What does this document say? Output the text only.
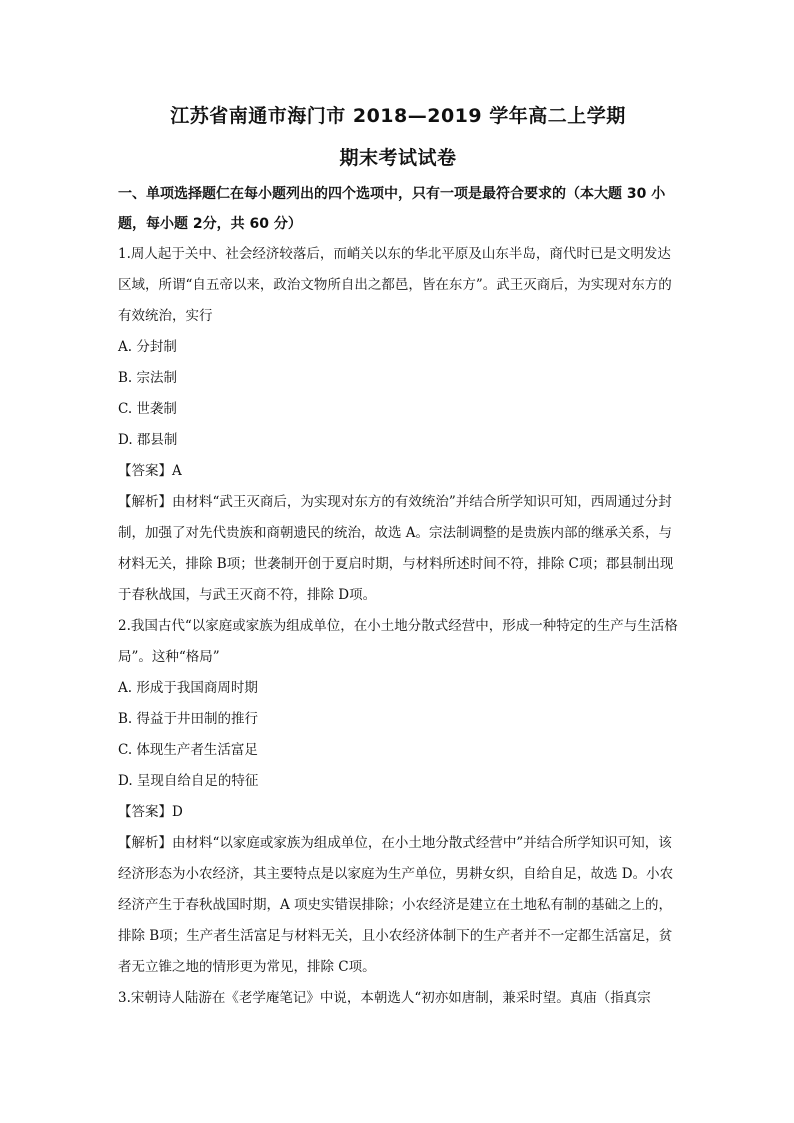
江苏省南通市海门市 2018—2019 学年高二上学期
期末考试试卷
一、单项选择题仁在每小题列出的四个选项中，只有一项是最符合要求的（本大题 30 小题，每小题 2分，共 60 分）
1.周人起于关中、社会经济较落后，而峭关以东的华北平原及山东半岛，商代时已是文明发达区域，所谓“自五帝以来，政治文物所自出之都邑，皆在东方”。武王灭商后，为实现对东方的有效统治，实行
A. 分封制
B. 宗法制
C. 世袭制
D. 郡县制
【答案】A
【解析】由材料“武王灭商后，为实现对东方的有效统治”并结合所学知识可知，西周通过分封制，加强了对先代贵族和商朝遗民的统治，故选 A。宗法制调整的是贵族内部的继承关系，与材料无关，排除 B项；世袭制开创于夏启时期，与材料所述时间不符，排除 C项；郡县制出现于春秋战国，与武王灭商不符，排除 D项。
2.我国古代“以家庭或家族为组成单位，在小土地分散式经营中，形成一种特定的生产与生活格局”。这种“格局”
A. 形成于我国商周时期
B. 得益于井田制的推行
C. 体现生产者生活富足
D. 呈现自给自足的特征
【答案】D
【解析】由材料“以家庭或家族为组成单位，在小土地分散式经营中”并结合所学知识可知，该经济形态为小农经济，其主要特点是以家庭为生产单位，男耕女织，自给自足，故选 D。小农经济产生于春秋战国时期，A 项史实错误排除；小农经济是建立在土地私有制的基础之上的，排除 B项；生产者生活富足与材料无关，且小农经济体制下的生产者并不一定都生活富足，贫者无立锥之地的情形更为常见，排除 C项。
3.宋朝诗人陆游在《老学庵笔记》中说，本朝选人“初亦如唐制，兼采时望。真庙（指真宗
